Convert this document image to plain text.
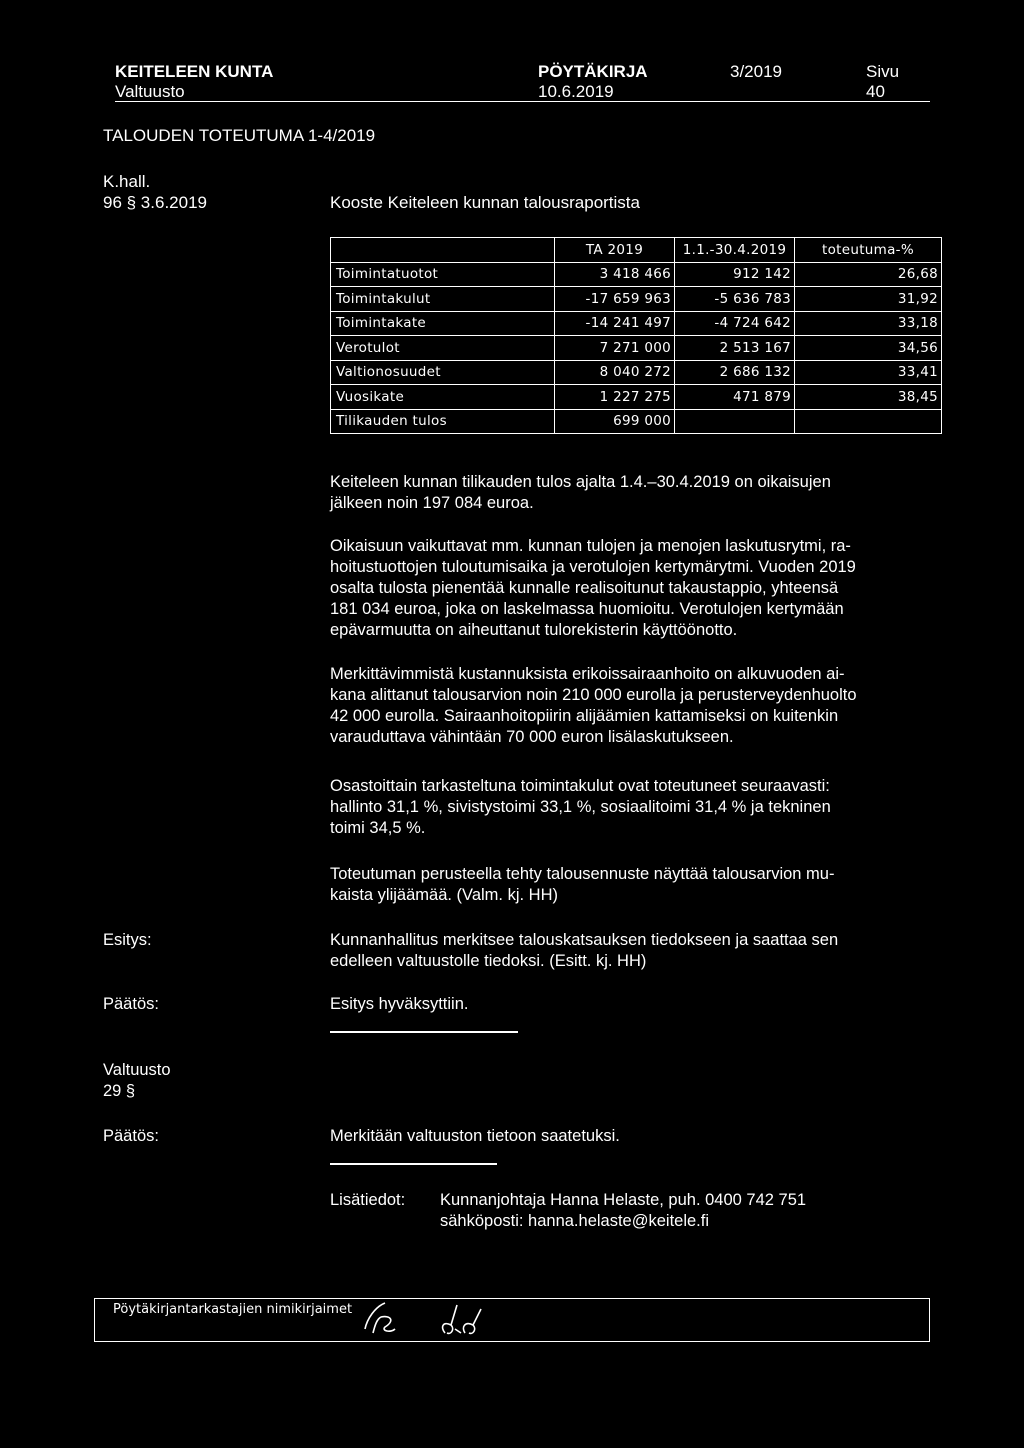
KEITELEEN KUNTA	PÖYTÄKIRJA	3/2019	Sivu
Valtuusto	10.6.2019	40
TALOUDEN TOTEUTUMA 1-4/2019
K.hall.
96 § 3.6.2019	Kooste Keiteleen kunnan talousraportista
	TA 2019	1.1.-30.4.2019	toteutuma-%
Toimintatuotot	3 418 466	912 142	26,68
Toimintakulut	-17 659 963	-5 636 783	31,92
Toimintakate	-14 241 497	-4 724 642	33,18
Verotulot	7 271 000	2 513 167	34,56
Valtionosuudet	8 040 272	2 686 132	33,41
Vuosikate	1 227 275	471 879	38,45
Tilikauden tulos	699 000		
Keiteleen kunnan tilikauden tulos ajalta 1.4.–30.4.2019 on oikaisujen
jälkeen noin 197 084 euroa.
Oikaisuun vaikuttavat mm. kunnan tulojen ja menojen laskutusrytmi, ra-
hoitustuottojen tuloutumisaika ja verotulojen kertymärytmi. Vuoden 2019
osalta tulosta pienentää kunnalle realisoitunut takaustappio, yhteensä
181 034 euroa, joka on laskelmassa huomioitu. Verotulojen kertymään
epävarmuutta on aiheuttanut tulorekisterin käyttöönotto.
Merkittävimmistä kustannuksista erikoissairaanhoito on alkuvuoden ai-
kana alittanut talousarvion noin 210 000 eurolla ja perusterveydenhuolto
42 000 eurolla. Sairaanhoitopiirin alijäämien kattamiseksi on kuitenkin
varauduttava vähintään 70 000 euron lisälaskutukseen.
Osastoittain tarkasteltuna toimintakulut ovat toteutuneet seuraavasti:
hallinto 31,1 %, sivistystoimi 33,1 %, sosiaalitoimi 31,4 % ja tekninen
toimi 34,5 %.
Toteutuman perusteella tehty talousennuste näyttää talousarvion mu-
kaista ylijäämää. (Valm. kj. HH)
Esitys:	Kunnanhallitus merkitsee talouskatsauksen tiedokseen ja saattaa sen
edelleen valtuustolle tiedoksi. (Esitt. kj. HH)
Päätös:	Esitys hyväksyttiin.
Valtuusto
29 §
Päätös:	Merkitään valtuuston tietoon saatetuksi.
Lisätiedot: Kunnanjohtaja Hanna Helaste, puh. 0400 742 751
sähköposti: hanna.helaste@keitele.fi
Pöytäkirjantarkastajien nimikirjaimet
